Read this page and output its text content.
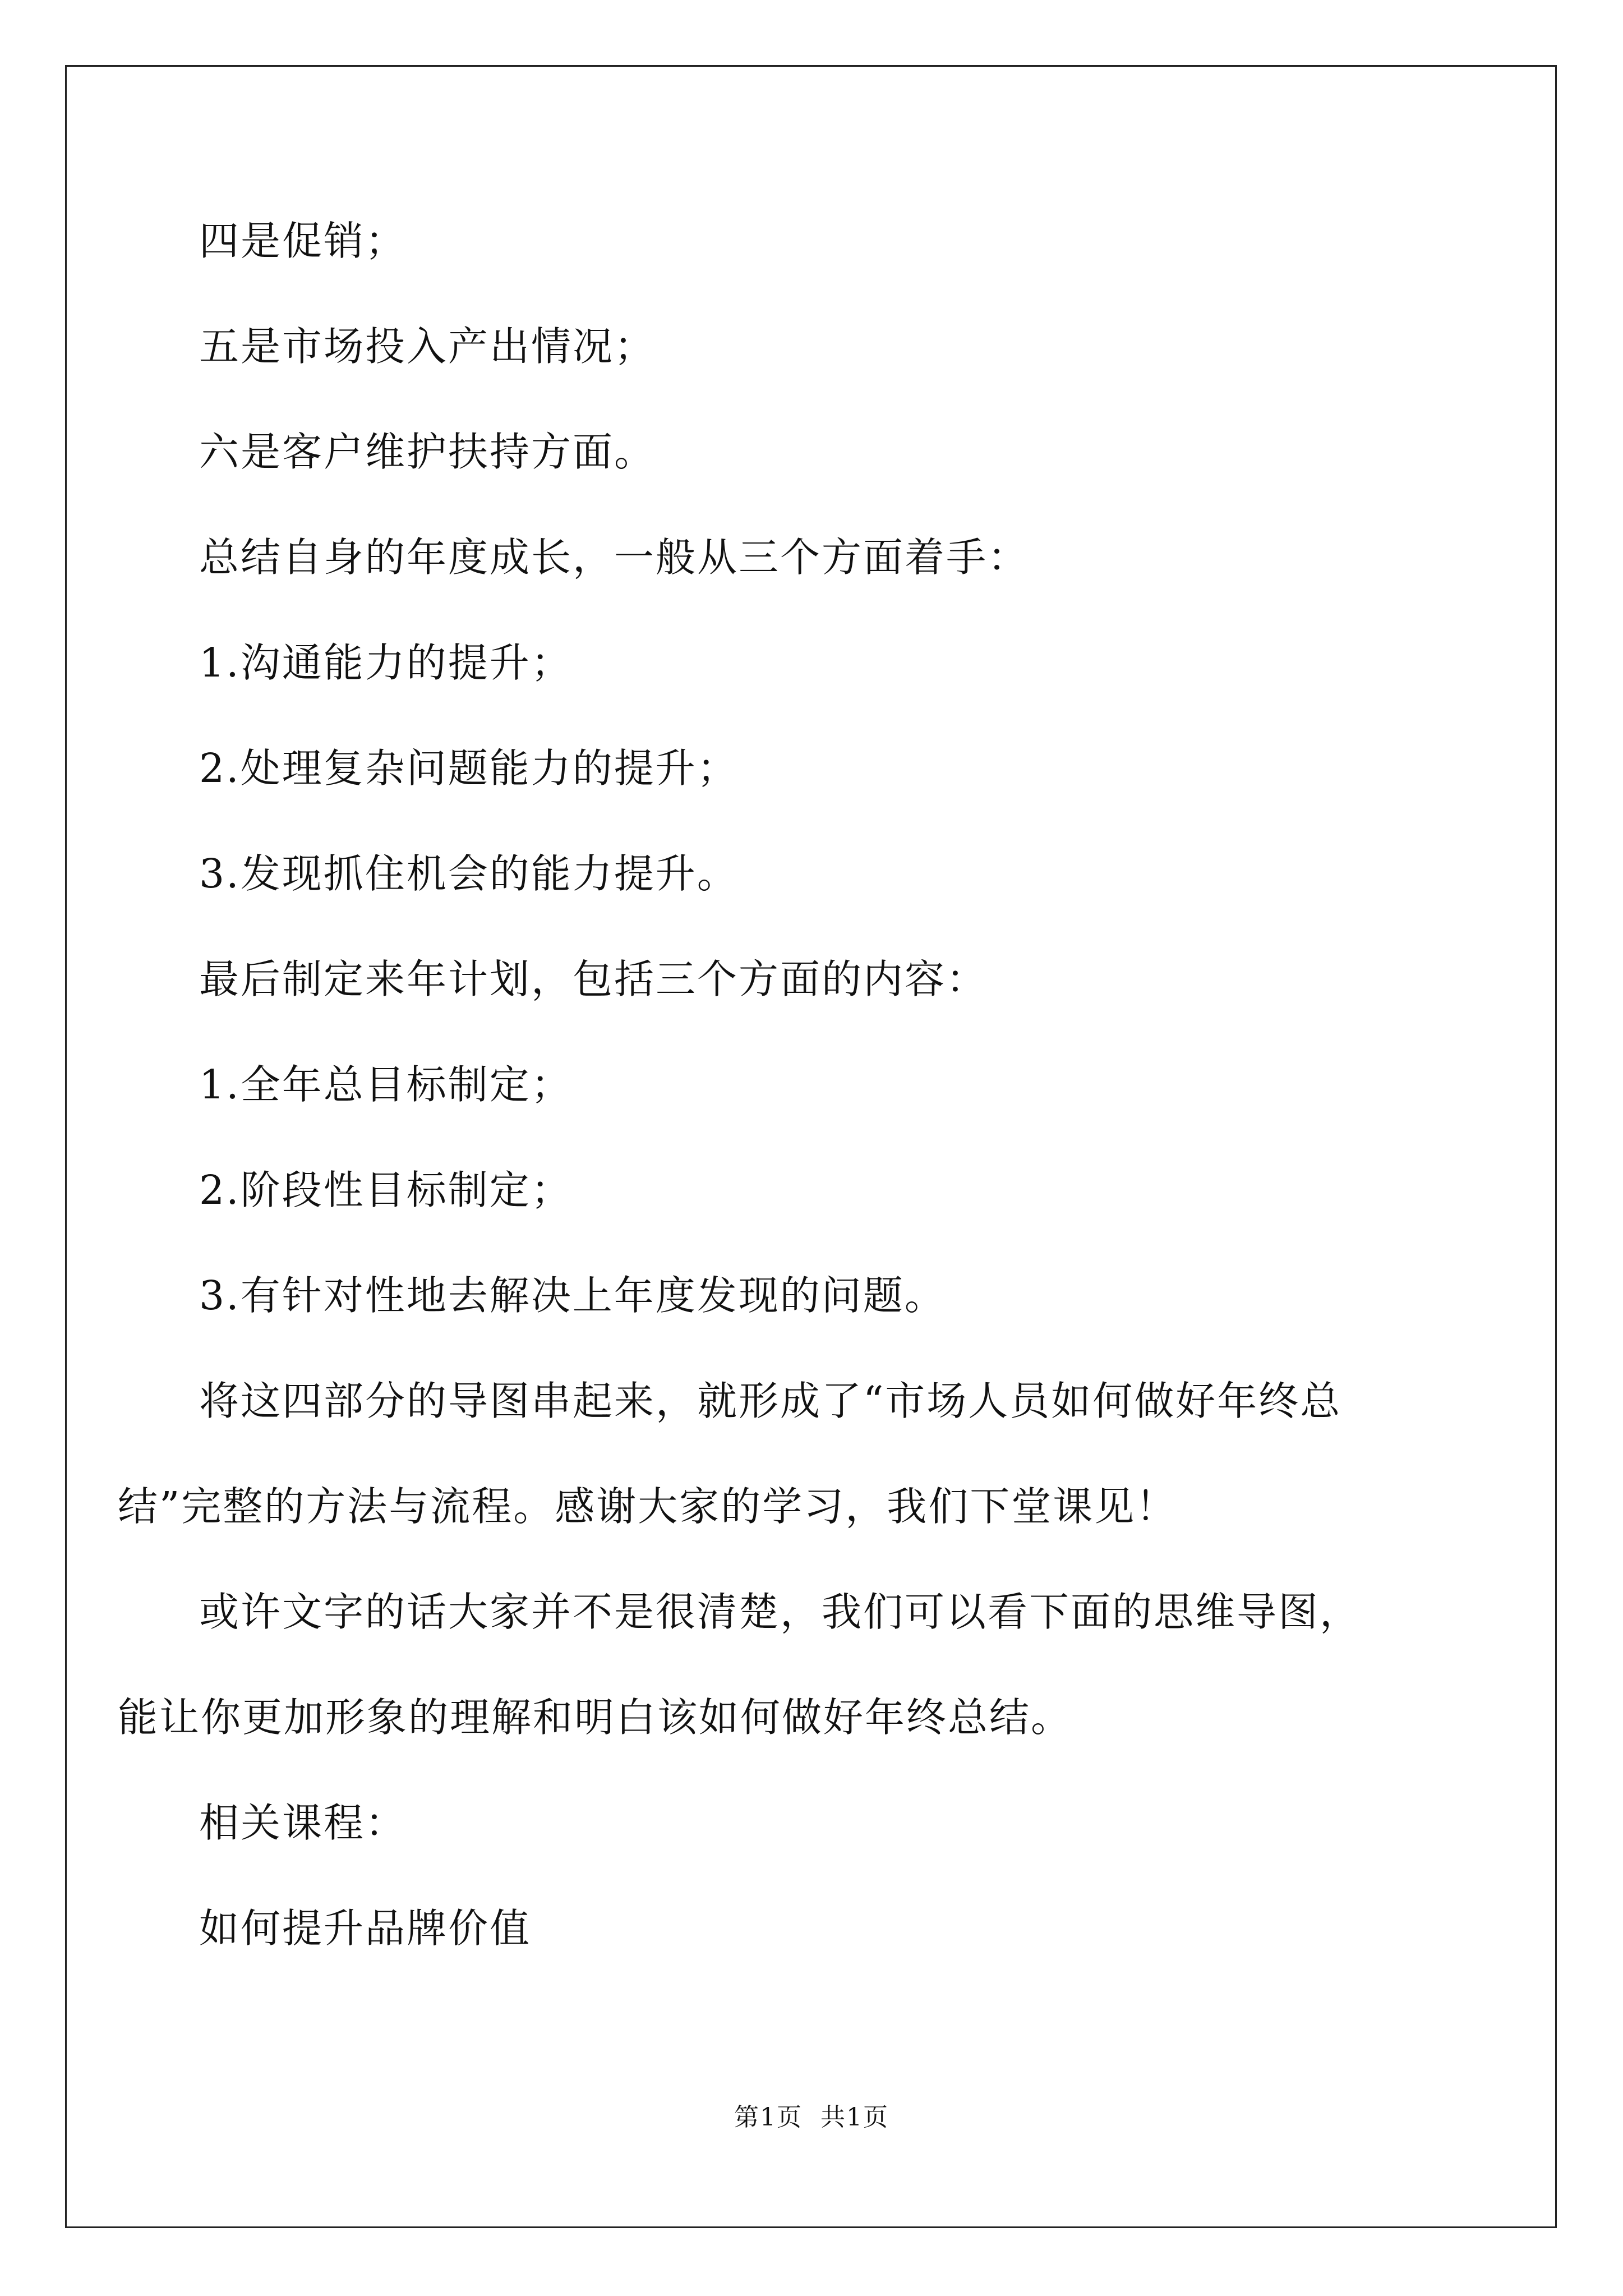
四是促销；

五是市场投入产出情况；

六是客户维护扶持方面。

总结自身的年度成长，一般从三个方面着手：

1.沟通能力的提升；

2.处理复杂问题能力的提升；

3.发现抓住机会的能力提升。

最后制定来年计划，包括三个方面的内容：

1.全年总目标制定；

2.阶段性目标制定；

3.有针对性地去解决上年度发现的问题。

将这四部分的导图串起来，就形成了“市场人员如何做好年终总结”完整的方法与流程。感谢大家的学习，我们下堂课见！

或许文字的话大家并不是很清楚，我们可以看下面的思维导图，能让你更加形象的理解和明白该如何做好年终总结。

相关课程：

如何提升品牌价值

第1页 共1页
